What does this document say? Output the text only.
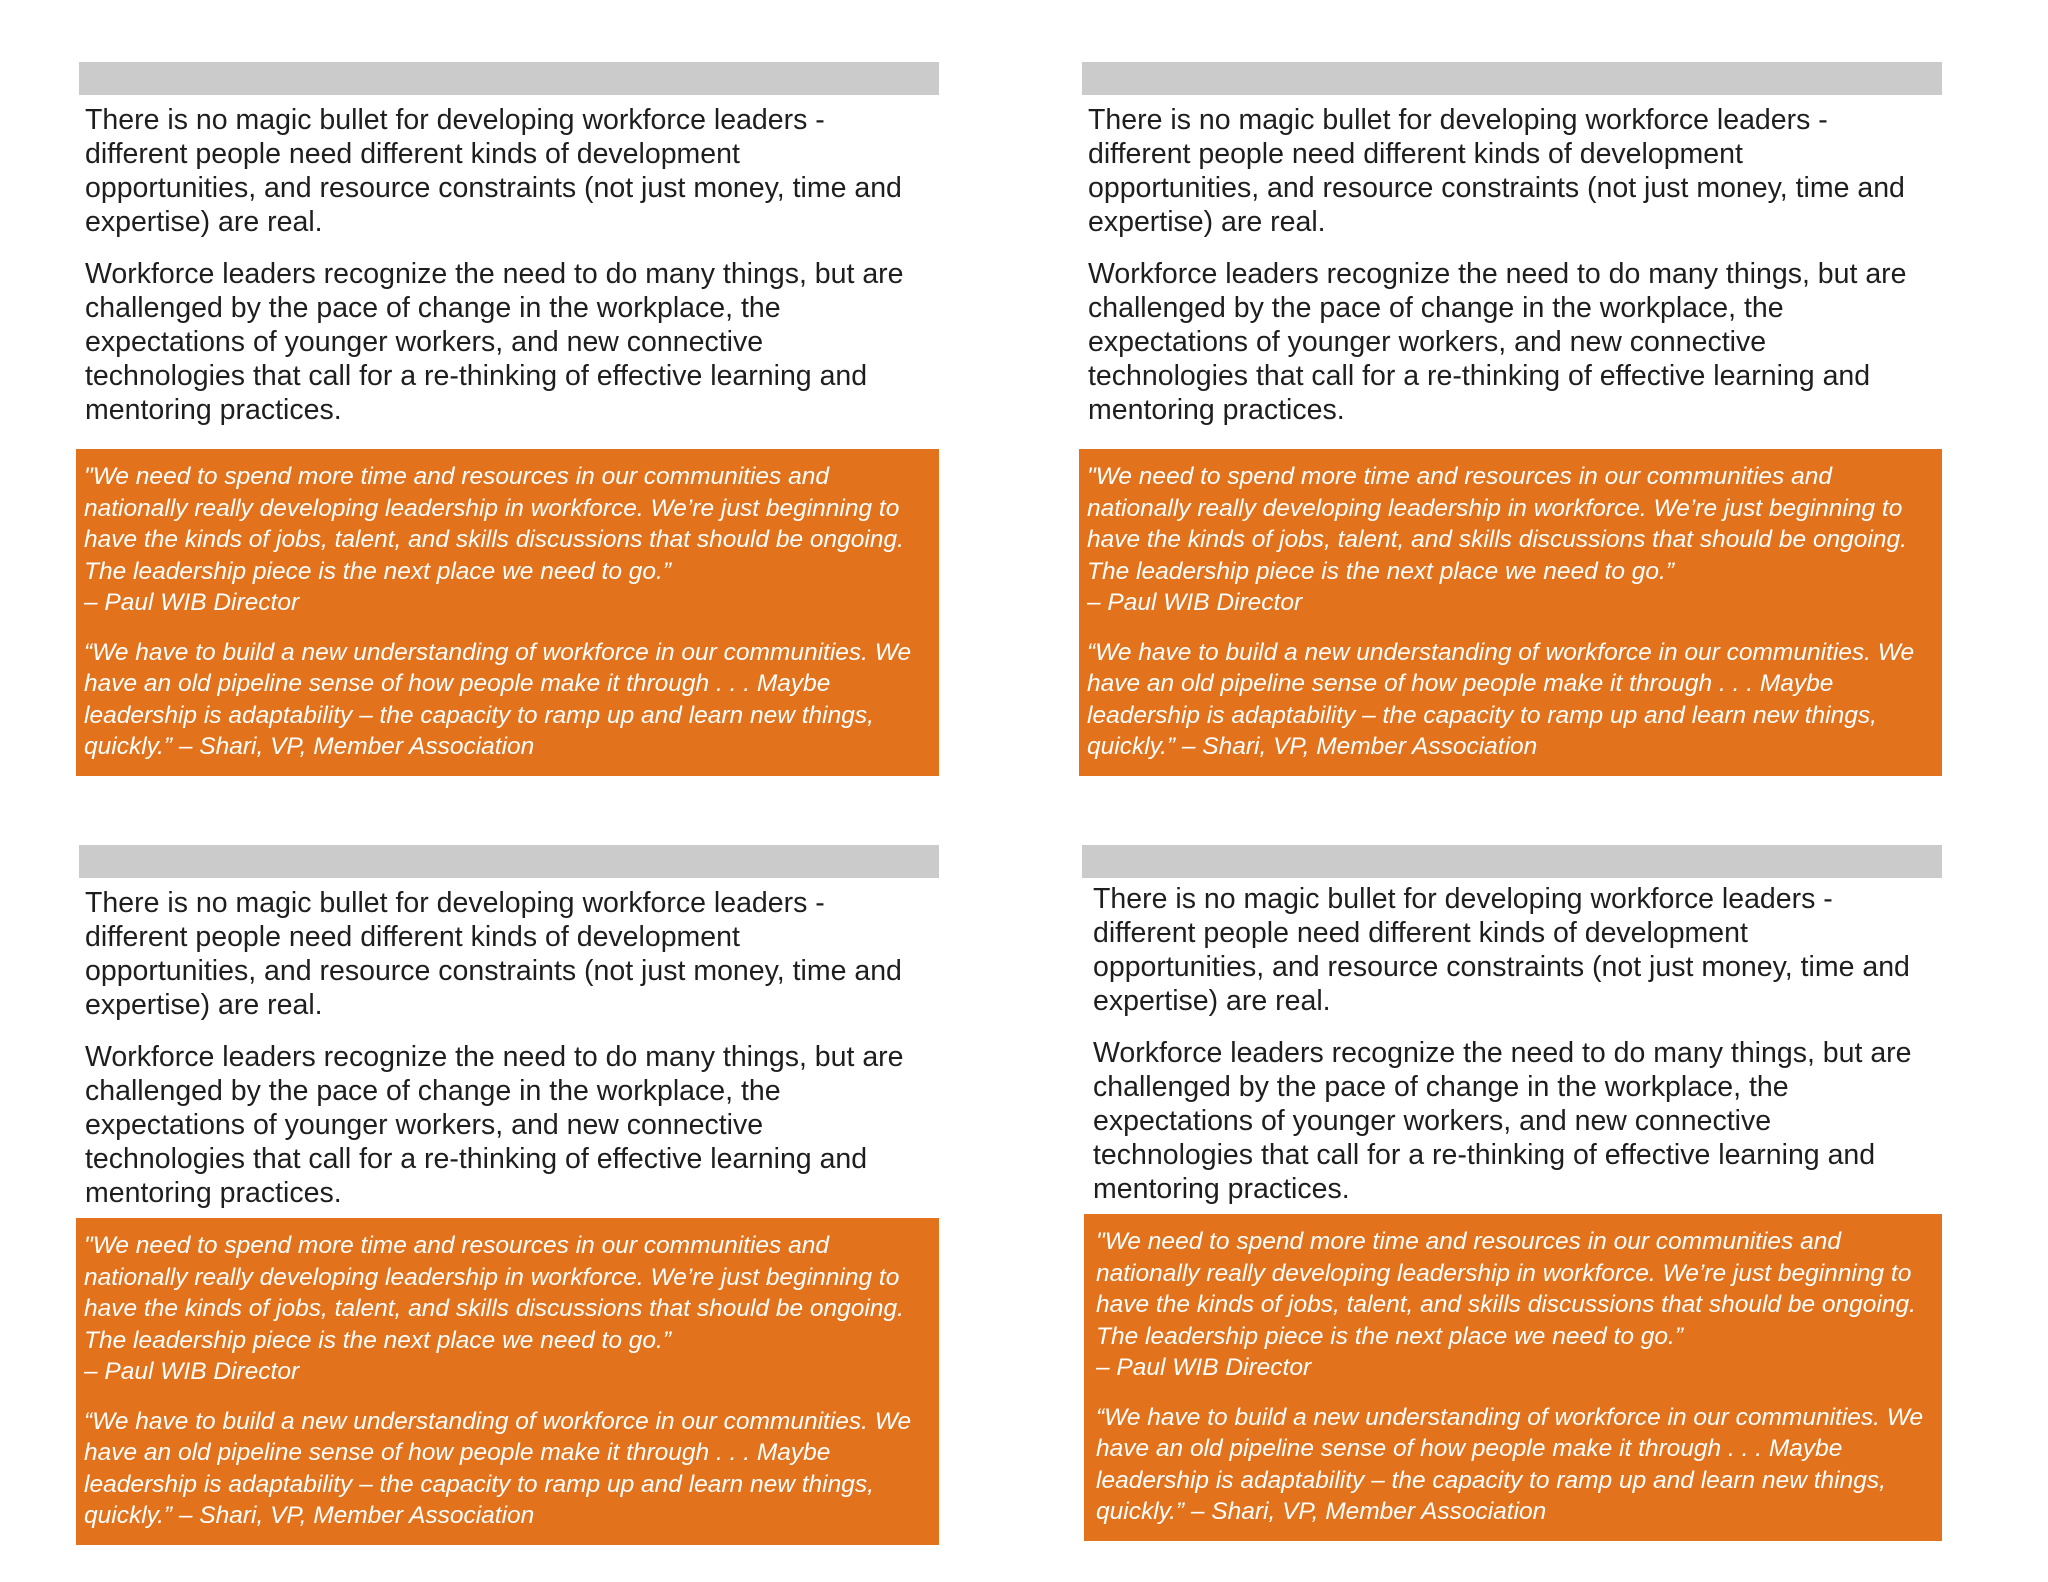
There is no magic bullet for developing workforce leaders - different people need different kinds of development opportunities, and resource constraints (not just money, time and expertise) are real.

Workforce leaders recognize the need to do many things, but are challenged by the pace of change in the workplace, the expectations of younger workers, and new connective technologies that call for a re-thinking of effective learning and mentoring practices.

"We need to spend more time and resources in our communities and nationally really developing leadership in workforce. We’re just beginning to have the kinds of jobs, talent, and skills discussions that should be ongoing. The leadership piece is the next place we need to go.”
– Paul WIB Director

“We have to build a new understanding of workforce in our communities. We have an old pipeline sense of how people make it through . . . Maybe leadership is adaptability – the capacity to ramp up and learn new things, quickly.” – Shari, VP, Member Association

There is no magic bullet for developing workforce leaders - different people need different kinds of development opportunities, and resource constraints (not just money, time and expertise) are real.

Workforce leaders recognize the need to do many things, but are challenged by the pace of change in the workplace, the expectations of younger workers, and new connective technologies that call for a re-thinking of effective learning and mentoring practices.

"We need to spend more time and resources in our communities and nationally really developing leadership in workforce. We’re just beginning to have the kinds of jobs, talent, and skills discussions that should be ongoing. The leadership piece is the next place we need to go.”
– Paul WIB Director

“We have to build a new understanding of workforce in our communities. We have an old pipeline sense of how people make it through . . . Maybe leadership is adaptability – the capacity to ramp up and learn new things, quickly.” – Shari, VP, Member Association

There is no magic bullet for developing workforce leaders - different people need different kinds of development opportunities, and resource constraints (not just money, time and expertise) are real.

Workforce leaders recognize the need to do many things, but are challenged by the pace of change in the workplace, the expectations of younger workers, and new connective technologies that call for a re-thinking of effective learning and mentoring practices.

"We need to spend more time and resources in our communities and nationally really developing leadership in workforce. We’re just beginning to have the kinds of jobs, talent, and skills discussions that should be ongoing. The leadership piece is the next place we need to go.”
– Paul WIB Director

“We have to build a new understanding of workforce in our communities. We have an old pipeline sense of how people make it through . . . Maybe leadership is adaptability – the capacity to ramp up and learn new things, quickly.” – Shari, VP, Member Association

There is no magic bullet for developing workforce leaders - different people need different kinds of development opportunities, and resource constraints (not just money, time and expertise) are real.

Workforce leaders recognize the need to do many things, but are challenged by the pace of change in the workplace, the expectations of younger workers, and new connective technologies that call for a re-thinking of effective learning and mentoring practices.

"We need to spend more time and resources in our communities and nationally really developing leadership in workforce. We’re just beginning to have the kinds of jobs, talent, and skills discussions that should be ongoing. The leadership piece is the next place we need to go.”
– Paul WIB Director

“We have to build a new understanding of workforce in our communities. We have an old pipeline sense of how people make it through . . . Maybe leadership is adaptability – the capacity to ramp up and learn new things, quickly.” – Shari, VP, Member Association
